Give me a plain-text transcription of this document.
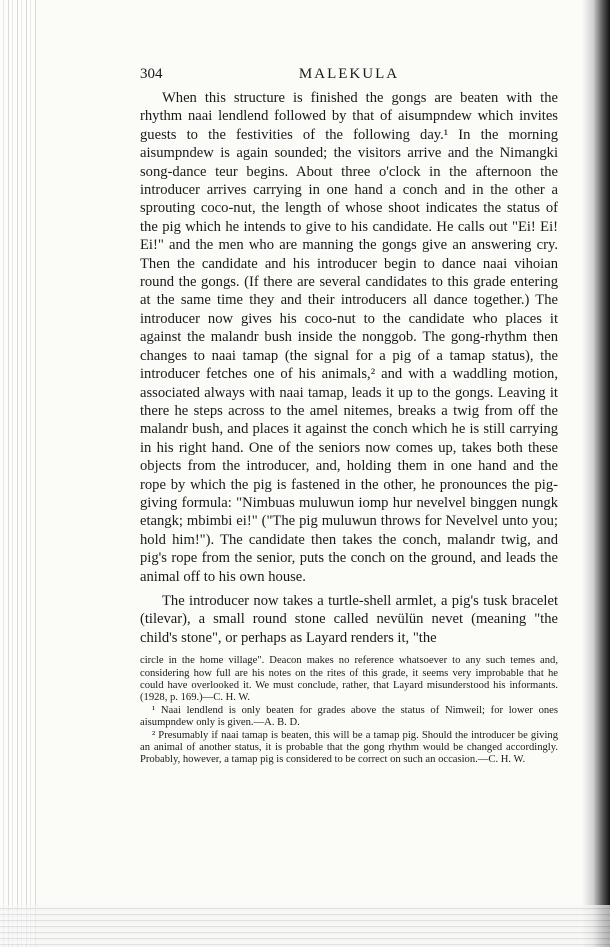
304	MALEKULA

When this structure is finished the gongs are beaten with the rhythm naai lendlend followed by that of aisumpndew which invites guests to the festivities of the following day.¹ In the morning aisumpndew is again sounded; the visitors arrive and the Nimangki song-dance teur begins. About three o'clock in the afternoon the introducer arrives carrying in one hand a conch and in the other a sprouting coco-nut, the length of whose shoot indicates the status of the pig which he intends to give to his candidate. He calls out "Ei! Ei! Ei!" and the men who are manning the gongs give an answering cry. Then the candidate and his introducer begin to dance naai vihoian round the gongs. (If there are several candidates to this grade entering at the same time they and their introducers all dance together.) The introducer now gives his coco-nut to the candidate who places it against the malandr bush inside the nonggob. The gong-rhythm then changes to naai tamap (the signal for a pig of a tamap status), the introducer fetches one of his animals,² and with a waddling motion, associated always with naai tamap, leads it up to the gongs. Leaving it there he steps across to the amel nitemes, breaks a twig from off the malandr bush, and places it against the conch which he is still carrying in his right hand. One of the seniors now comes up, takes both these objects from the introducer, and, holding them in one hand and the rope by which the pig is fastened in the other, he pronounces the pig-giving formula: "Nimbuas muluwun iomp hur nevelvel binggen nungk etangk; mbimbi ei!" ("The pig muluwun throws for Nevelvel unto you; hold him!"). The candidate then takes the conch, malandr twig, and pig's rope from the senior, puts the conch on the ground, and leads the animal off to his own house.

The introducer now takes a turtle-shell armlet, a pig's tusk bracelet (tilevar), a small round stone called nevülün nevet (meaning "the child's stone", or perhaps as Layard renders it, "the

circle in the home village". Deacon makes no reference whatsoever to any such temes and, considering how full are his notes on the rites of this grade, it seems very improbable that he could have overlooked it. We must conclude, rather, that Layard misunderstood his informants. (1928, p. 169.)—C. H. W.

¹ Naai lendlend is only beaten for grades above the status of Nimweil; for lower ones aisumpndew only is given.—A. B. D.

² Presumably if naai tamap is beaten, this will be a tamap pig. Should the introducer be giving an animal of another status, it is probable that the gong rhythm would be changed accordingly. Probably, however, a tamap pig is considered to be correct on such an occasion.—C. H. W.
